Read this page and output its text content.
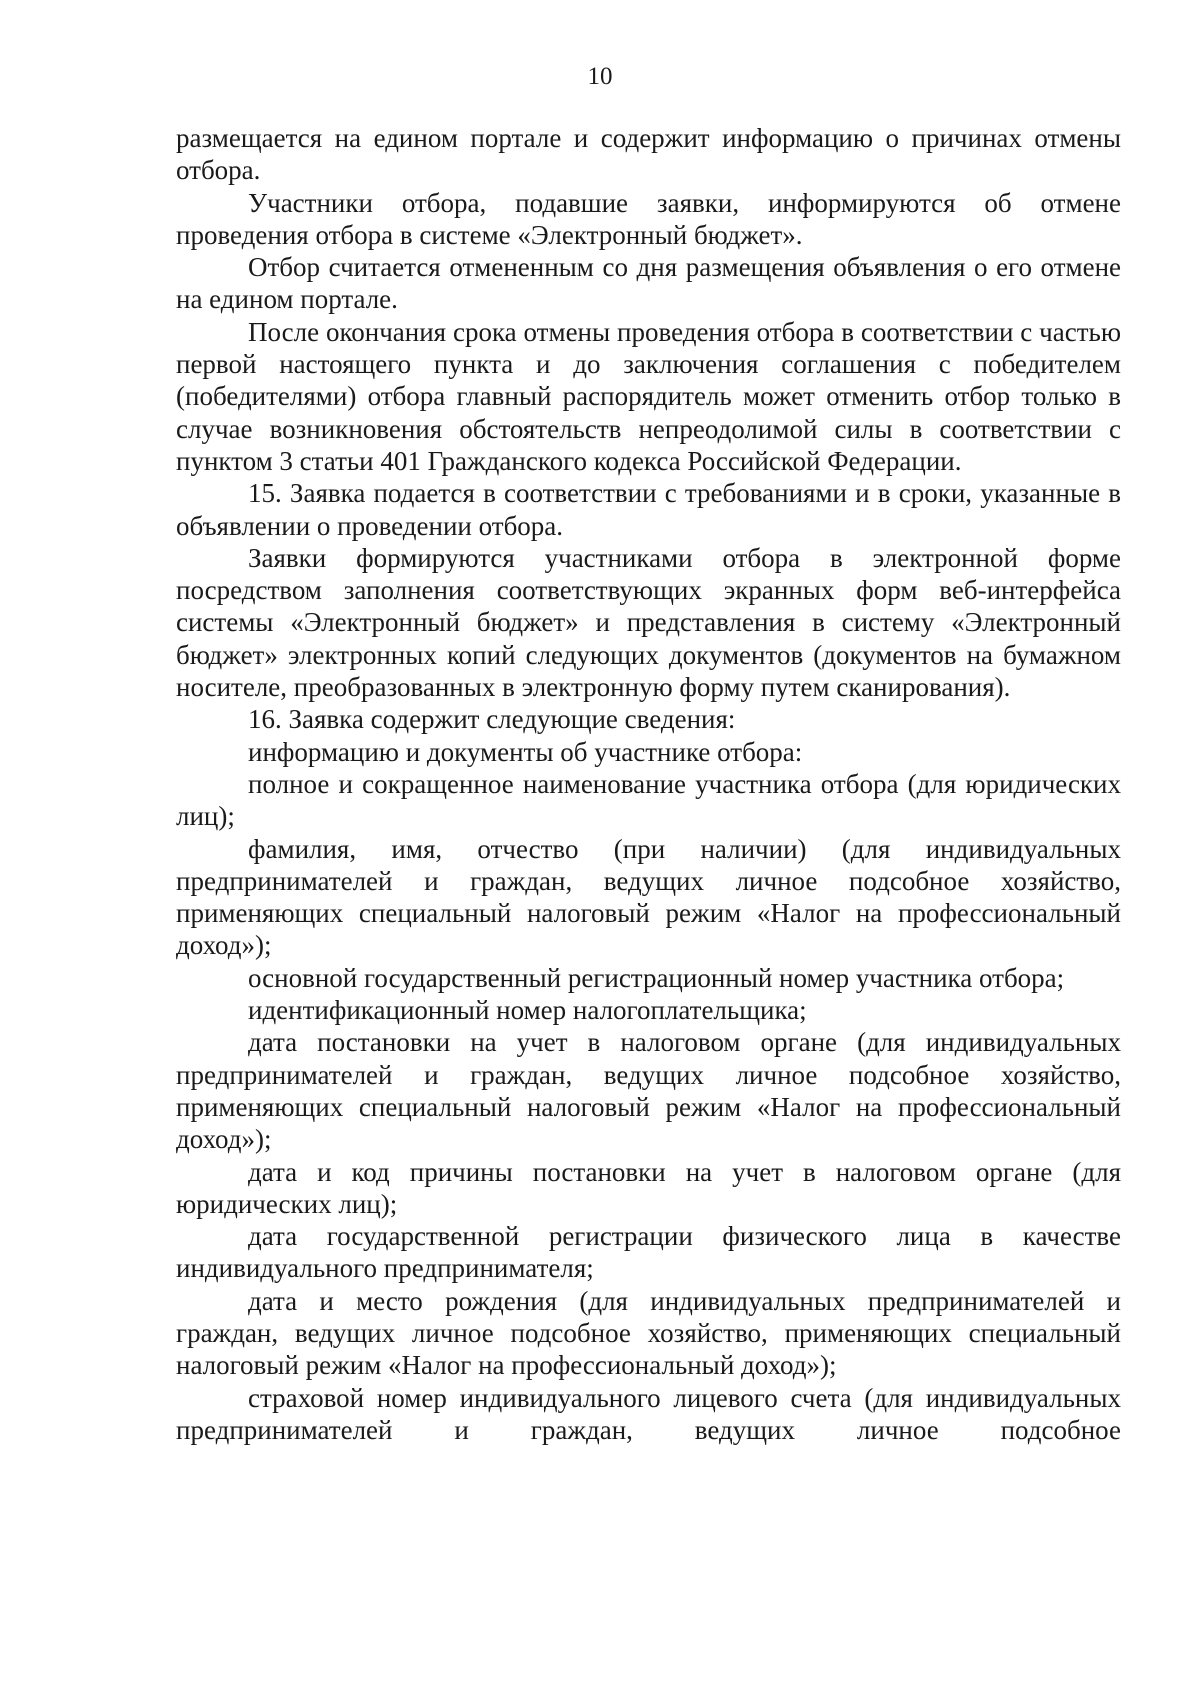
10

размещается на едином портале и содержит информацию о причинах отмены отбора.

Участники отбора, подавшие заявки, информируются об отмене проведения отбора в системе «Электронный бюджет».

Отбор считается отмененным со дня размещения объявления о его отмене на едином портале.

После окончания срока отмены проведения отбора в соответствии с частью первой настоящего пункта и до заключения соглашения с победителем (победителями) отбора главный распорядитель может отменить отбор только в случае возникновения обстоятельств непреодолимой силы в соответствии с пунктом 3 статьи 401 Гражданского кодекса Российской Федерации.

15. Заявка подается в соответствии с требованиями и в сроки, указанные в объявлении о проведении отбора.

Заявки формируются участниками отбора в электронной форме посредством заполнения соответствующих экранных форм веб-интерфейса системы «Электронный бюджет» и представления в систему «Электронный бюджет» электронных копий следующих документов (документов на бумажном носителе, преобразованных в электронную форму путем сканирования).

16. Заявка содержит следующие сведения:

информацию и документы об участнике отбора:

полное и сокращенное наименование участника отбора (для юридических лиц);

фамилия, имя, отчество (при наличии) (для индивидуальных предпринимателей и граждан, ведущих личное подсобное хозяйство, применяющих специальный налоговый режим «Налог на профессиональный доход»);

основной государственный регистрационный номер участника отбора;

идентификационный номер налогоплательщика;

дата постановки на учет в налоговом органе (для индивидуальных предпринимателей и граждан, ведущих личное подсобное хозяйство, применяющих специальный налоговый режим «Налог на профессиональный доход»);

дата и код причины постановки на учет в налоговом органе (для юридических лиц);

дата государственной регистрации физического лица в качестве индивидуального предпринимателя;

дата и место рождения (для индивидуальных предпринимателей и граждан, ведущих личное подсобное хозяйство, применяющих специальный налоговый режим «Налог на профессиональный доход»);

страховой номер индивидуального лицевого счета (для индивидуальных предпринимателей и граждан, ведущих личное подсобное
